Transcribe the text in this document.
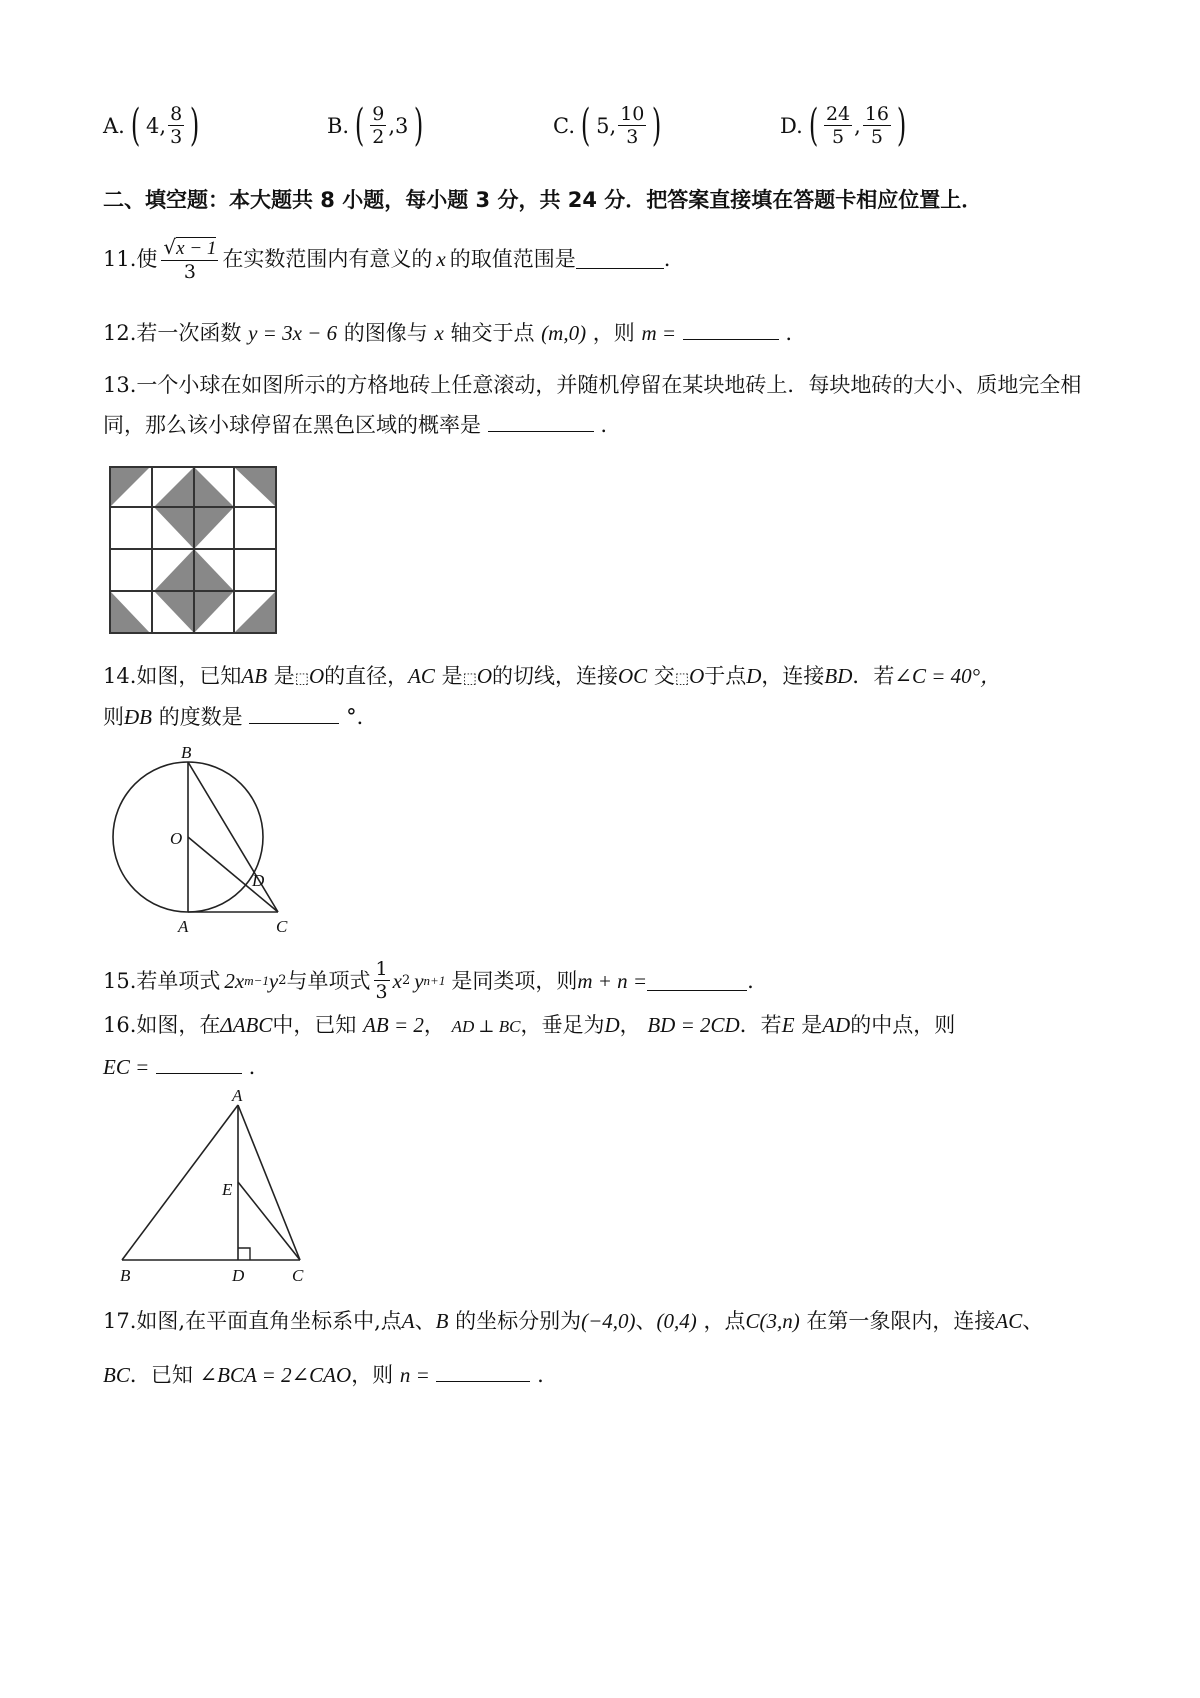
A. ( 4, $\frac{8}{3}$ )	B. ( $\frac{9}{2} ,3$ )	C. ( 5, $\frac{10}{3}$ )	D. ( $\frac{24}{5}$ , $\frac{16}{5}$ )
二、填空题：本大题共 8 小题，每小题 3 分，共 24 分．把答案直接填在答题卡相应位置上．
11.使 $\frac{√x - 1}{3}$ 在实数范围内有意义的 x 的取值范围是	.
12.若一次函数 y = 3x − 6 的图像与 x 轴交于点 (m,0) ，则 m =	.
13.一个小球在如图所示的方格地砖上任意滚动，并随机停留在某块地砖上．每块地砖的大小、质地完全相
同，那么该小球停留在黑色区域的概率是	.
14.如图，已知AB 是⬚O的直径，AC 是⬚O的切线，连接OC 交⬚O于点D，连接BD．若∠C = 40°，
则ÐB 的度数是	°．
B
O
D
A	C
15.若单项式 2x m−1 y 2 与单项式 $\frac{1}{3}$ x 2 y n+1 是同类项，则 m + n =	.
16.如图，在ΔABC中，已知 AB = 2， AD ⊥ BC，垂足为D， BD = 2CD．若E 是AD的中点，则
EC =	.
A
E
B	D	C
17.如图,在平面直角坐标系中,点A、B 的坐标分别为(−4,0)、(0,4) ，点C(3,n) 在第一象限内，连接AC、
BC．已知 ∠BCA = 2∠CAO，则 n =	.
